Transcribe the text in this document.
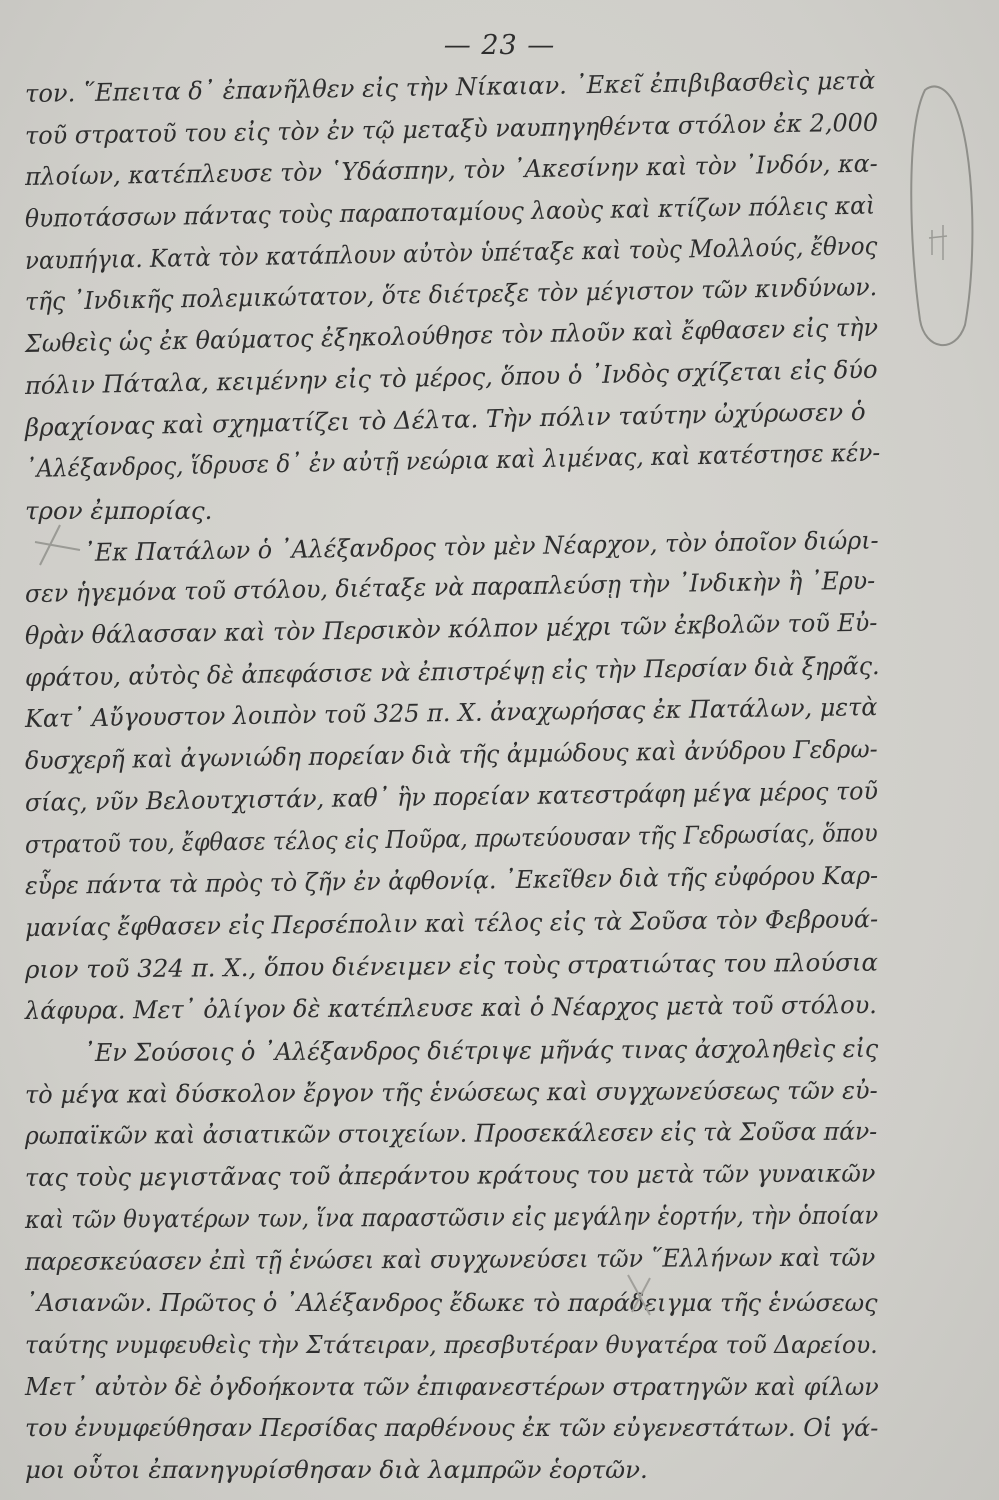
— 23 —
τον. ῞Επειτα δ᾽ ἐπανῆλθεν εἰς τὴν Νίκαιαν. ᾽Εκεῖ ἐπιβιβασθεὶς μετὰ
τοῦ στρατοῦ του εἰς τὸν ἐν τῷ μεταξὺ ναυπηγηθέντα στόλον ἐκ 2,000
πλοίων, κατέπλευσε τὸν ῾Υδάσπην, τὸν ᾽Ακεσίνην καὶ τὸν ᾽Ινδόν, κα-
θυποτάσσων πάντας τοὺς παραποταμίους λαοὺς καὶ κτίζων πόλεις καὶ
ναυπήγια. Κατὰ τὸν κατάπλουν αὐτὸν ὑπέταξε καὶ τοὺς Μολλούς, ἔθνος
τῆς ᾽Ινδικῆς πολεμικώτατον, ὅτε διέτρεξε τὸν μέγιστον τῶν κινδύνων.
Σωθεὶς ὡς ἐκ θαύματος ἐξηκολούθησε τὸν πλοῦν καὶ ἔφθασεν εἰς τὴν
πόλιν Πάταλα, κειμένην εἰς τὸ μέρος, ὅπου ὁ ᾽Ινδὸς σχίζεται εἰς δύο
βραχίονας καὶ σχηματίζει τὸ Δέλτα. Τὴν πόλιν ταύτην ὠχύρωσεν ὁ
᾽Αλέξανδρος, ἵδρυσε δ᾽ ἐν αὐτῇ νεώρια καὶ λιμένας, καὶ κατέστησε κέν-
τρον ἐμπορίας.
᾽Εκ Πατάλων ὁ ᾽Αλέξανδρος τὸν μὲν Νέαρχον, τὸν ὁποῖον διώρι-
σεν ἡγεμόνα τοῦ στόλου, διέταξε νὰ παραπλεύσῃ τὴν ᾽Ινδικὴν ἢ ᾽Ερυ-
θρὰν θάλασσαν καὶ τὸν Περσικὸν κόλπον μέχρι τῶν ἐκβολῶν τοῦ Εὐ-
φράτου, αὐτὸς δὲ ἀπεφάσισε νὰ ἐπιστρέψῃ εἰς τὴν Περσίαν διὰ ξηρᾶς.
Κατ᾽ Αὔγουστον λοιπὸν τοῦ 325 π. Χ. ἀναχωρήσας ἐκ Πατάλων, μετὰ
δυσχερῆ καὶ ἀγωνιώδη πορείαν διὰ τῆς ἀμμώδους καὶ ἀνύδρου Γεδρω-
σίας, νῦν Βελουτχιστάν, καθ᾽ ἣν πορείαν κατεστράφη μέγα μέρος τοῦ
στρατοῦ του, ἔφθασε τέλος εἰς Ποῦρα, πρωτεύουσαν τῆς Γεδρωσίας, ὅπου
εὗρε πάντα τὰ πρὸς τὸ ζῆν ἐν ἀφθονίᾳ. ᾽Εκεῖθεν διὰ τῆς εὐφόρου Καρ-
μανίας ἔφθασεν εἰς Περσέπολιν καὶ τέλος εἰς τὰ Σοῦσα τὸν Φεβρουά-
ριον τοῦ 324 π. Χ., ὅπου διένειμεν εἰς τοὺς στρατιώτας του πλούσια
λάφυρα. Μετ᾽ ὀλίγον δὲ κατέπλευσε καὶ ὁ Νέαρχος μετὰ τοῦ στόλου.
᾽Εν Σούσοις ὁ ᾽Αλέξανδρος διέτριψε μῆνάς τινας ἀσχοληθεὶς εἰς
τὸ μέγα καὶ δύσκολον ἔργον τῆς ἑνώσεως καὶ συγχωνεύσεως τῶν εὐ-
ρωπαϊκῶν καὶ ἀσιατικῶν στοιχείων. Προσεκάλεσεν εἰς τὰ Σοῦσα πάν-
τας τοὺς μεγιστᾶνας τοῦ ἀπεράντου κράτους του μετὰ τῶν γυναικῶν
καὶ τῶν θυγατέρων των, ἵνα παραστῶσιν εἰς μεγάλην ἑορτήν, τὴν ὁποίαν
παρεσκεύασεν ἐπὶ τῇ ἑνώσει καὶ συγχωνεύσει τῶν ῞Ελλήνων καὶ τῶν
᾽Ασιανῶν. Πρῶτος ὁ ᾽Αλέξανδρος ἔδωκε τὸ παράδειγμα τῆς ἑνώσεως
ταύτης νυμφευθεὶς τὴν Στάτειραν, πρεσβυτέραν θυγατέρα τοῦ Δαρείου.
Μετ᾽ αὐτὸν δὲ ὀγδοήκοντα τῶν ἐπιφανεστέρων στρατηγῶν καὶ φίλων
του ἐνυμφεύθησαν Περσίδας παρθένους ἐκ τῶν εὐγενεστάτων. Οἱ γά-
μοι οὗτοι ἐπανηγυρίσθησαν διὰ λαμπρῶν ἑορτῶν.
